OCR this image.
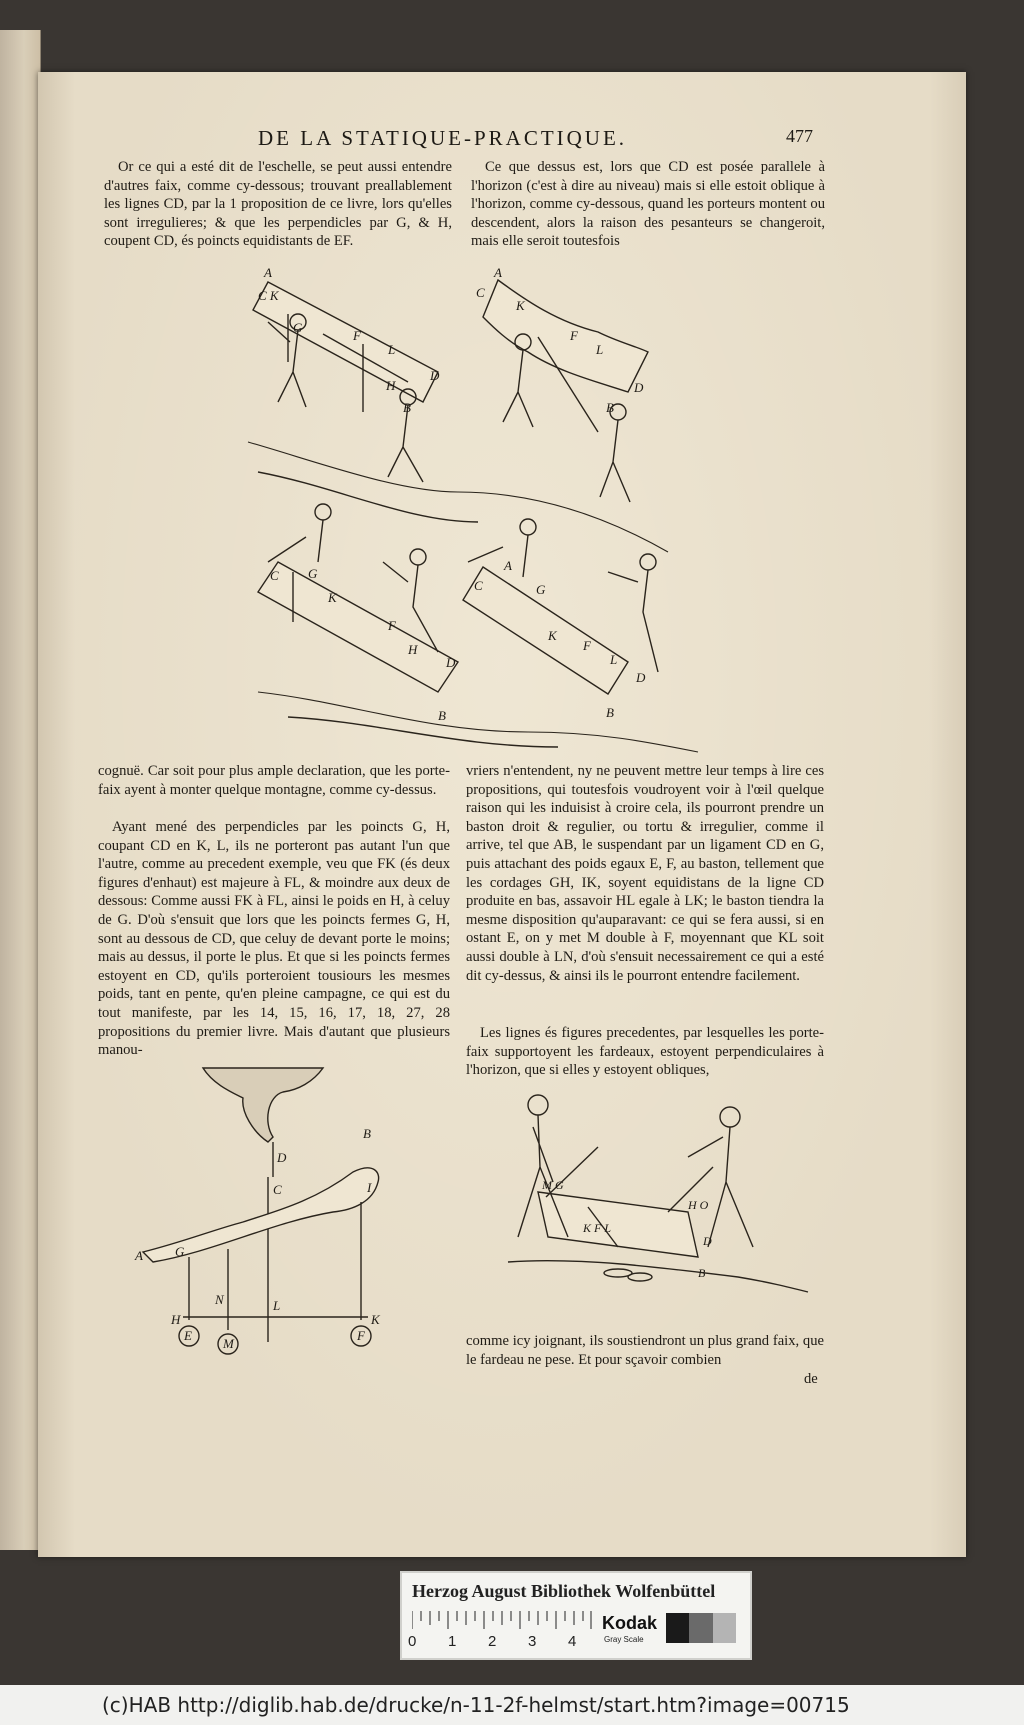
DE LA STATIQUE-PRACTIQUE.	477

Or ce qui a esté dit de l'eschelle, se peut aussi entendre d'autres faix, comme cy-dessous; trouvant preallablement les lignes CD, par la 1 proposition de ce livre, lors qu'elles sont irregulieres; & que les perpendicles par G, & H, coupent CD, és poincts equidistants de EF.

Ce que dessus est, lors que CD est posée parallele à l'horizon (c'est à dire au niveau) mais si elle estoit oblique à l'horizon, comme cy-dessous, quand les porteurs montent ou descendent, alors la raison des pesanteurs se changeroit, mais elle seroit toutesfois

A
C K
G
F
L
H
D
B
A
C
K
F
L
D
B
C G
K
F
H
D
B
A
C	G
K
F
L
D
B

cognuë. Car soit pour plus ample declaration, que les porte-faix ayent à monter quelque montagne, comme cy-dessus.

Ayant mené des perpendicles par les poincts G, H, coupant CD en K, L, ils ne porteront pas autant l'un que l'autre, comme au precedent exemple, veu que FK (és deux figures d'enhaut) est majeure à FL, & moindre aux deux de dessous: Comme aussi FK à FL, ainsi le poids en H, à celuy de G. D'où s'ensuit que lors que les poincts fermes G, H, sont au dessous de CD, que celuy de devant porte le moins; mais au dessus, il porte le plus. Et que si les poincts fermes estoyent en CD, qu'ils porteroient tousiours les mesmes poids, tant en pente, qu'en pleine campagne, ce qui est du tout manifeste, par les 14, 15, 16, 17, 18, 27, 28 propositions du premier livre. Mais d'autant que plusieurs manou-

vriers n'entendent, ny ne peuvent mettre leur temps à lire ces propositions, qui toutesfois voudroyent voir à l'œil quelque raison qui les induisist à croire cela, ils pourront prendre un baston droit & regulier, ou tortu & irregulier, comme il arrive, tel que AB, le suspendant par un ligament CD en G, puis attachant des poids egaux E, F, au baston, tellement que les cordages GH, IK, soyent equidistans de la ligne CD produite en bas, assavoir HL egale à LK; le baston tiendra la mesme disposition qu'auparavant: ce qui se fera aussi, si en ostant E, on y met M double à F, moyennant que KL soit aussi double à LN, d'où s'ensuit necessairement ce qui a esté dit cy-dessus, & ainsi ils le pourront entendre facilement.

Les lignes és figures precedentes, par lesquelles les porte-faix supportoyent les fardeaux, estoyent perpendiculaires à l'horizon, que si elles y estoyent obliques,

D
C
B
I
A G
N	L
H	K
E
M
F
M G
H O
K F L
D
B

comme icy joignant, ils soustiendront un plus grand faix, que le fardeau ne pese. Et pour sçavoir combien

de
Herzog August Bibliothek Wolfenbüttel
0 1 2 3 4
Kodak
Gray Scale
(c)HAB http://diglib.hab.de/drucke/n-11-2f-helmst/start.htm?image=00715
